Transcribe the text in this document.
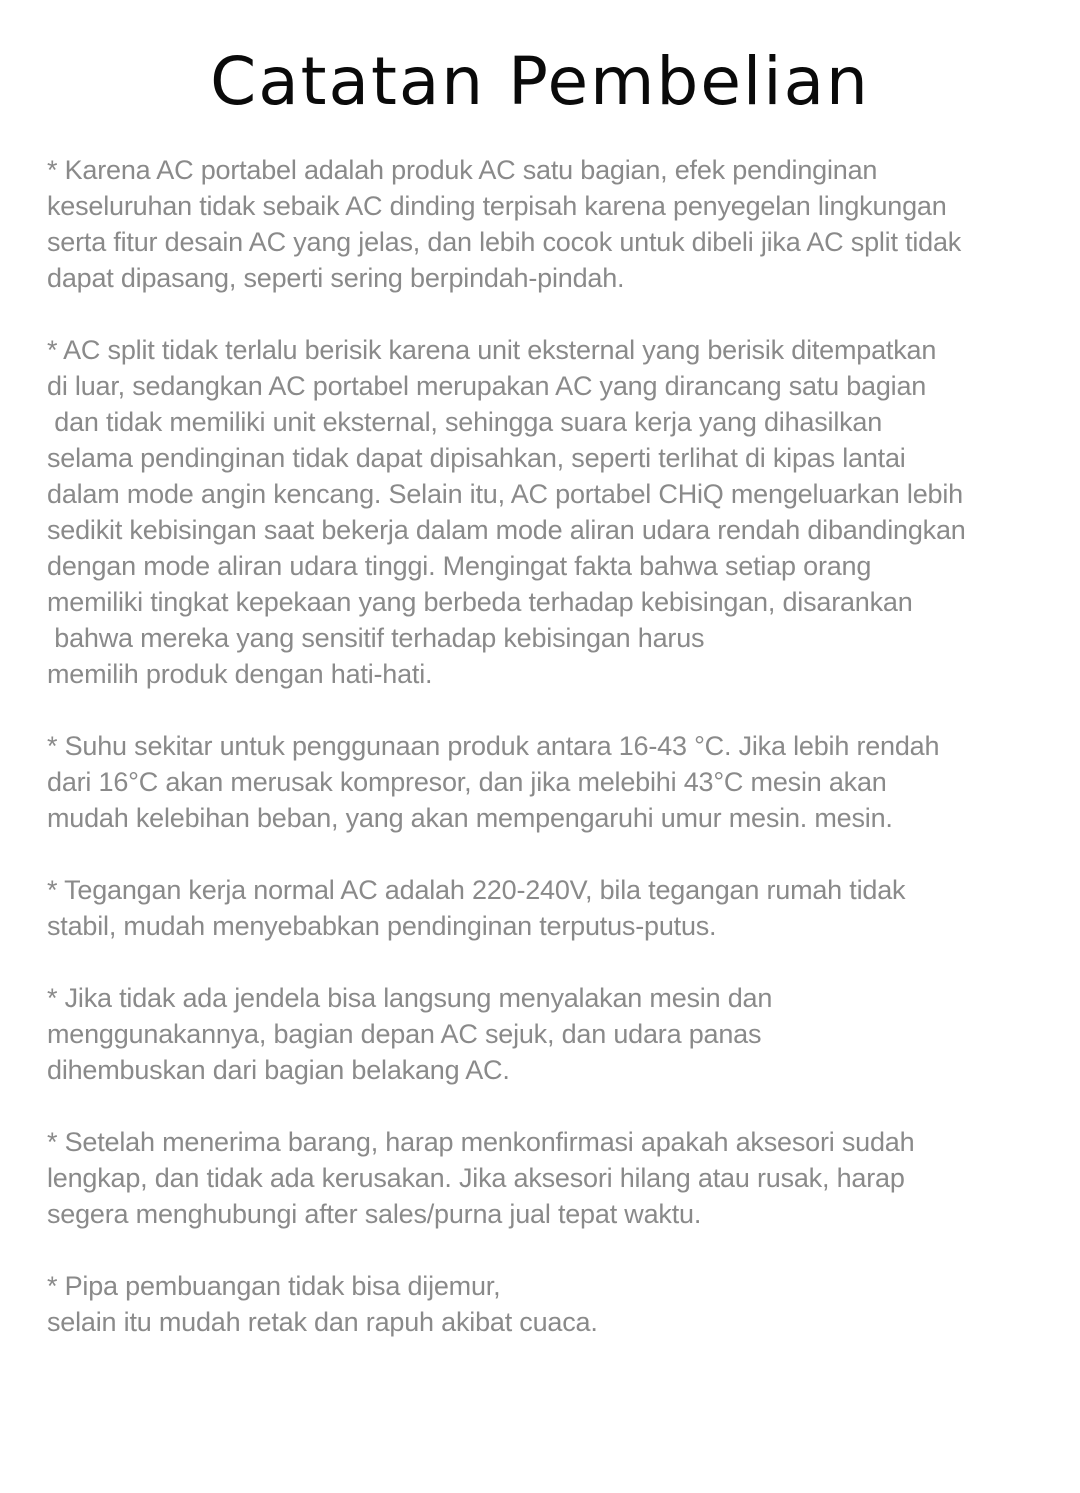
Catatan Pembelian
* Karena AC portabel adalah produk AC satu bagian, efek pendinginan
keseluruhan tidak sebaik AC dinding terpisah karena penyegelan lingkungan
serta fitur desain AC yang jelas, dan lebih cocok untuk dibeli jika AC split tidak
dapat dipasang, seperti sering berpindah-pindah.
* AC split tidak terlalu berisik karena unit eksternal yang berisik ditempatkan
di luar, sedangkan AC portabel merupakan AC yang dirancang satu bagian
dan tidak memiliki unit eksternal, sehingga suara kerja yang dihasilkan
selama pendinginan tidak dapat dipisahkan, seperti terlihat di kipas lantai
dalam mode angin kencang. Selain itu, AC portabel CHiQ mengeluarkan lebih
sedikit kebisingan saat bekerja dalam mode aliran udara rendah dibandingkan
dengan mode aliran udara tinggi. Mengingat fakta bahwa setiap orang
memiliki tingkat kepekaan yang berbeda terhadap kebisingan, disarankan
bahwa mereka yang sensitif terhadap kebisingan harus
memilih produk dengan hati-hati.
* Suhu sekitar untuk penggunaan produk antara 16-43 °C. Jika lebih rendah
dari 16°C akan merusak kompresor, dan jika melebihi 43°C mesin akan
mudah kelebihan beban, yang akan mempengaruhi umur mesin. mesin.
* Tegangan kerja normal AC adalah 220-240V, bila tegangan rumah tidak
stabil, mudah menyebabkan pendinginan terputus-putus.
* Jika tidak ada jendela bisa langsung menyalakan mesin dan
menggunakannya, bagian depan AC sejuk, dan udara panas
dihembuskan dari bagian belakang AC.
* Setelah menerima barang, harap menkonfirmasi apakah aksesori sudah
lengkap, dan tidak ada kerusakan. Jika aksesori hilang atau rusak, harap
segera menghubungi after sales/purna jual tepat waktu.
* Pipa pembuangan tidak bisa dijemur,
selain itu mudah retak dan rapuh akibat cuaca.
